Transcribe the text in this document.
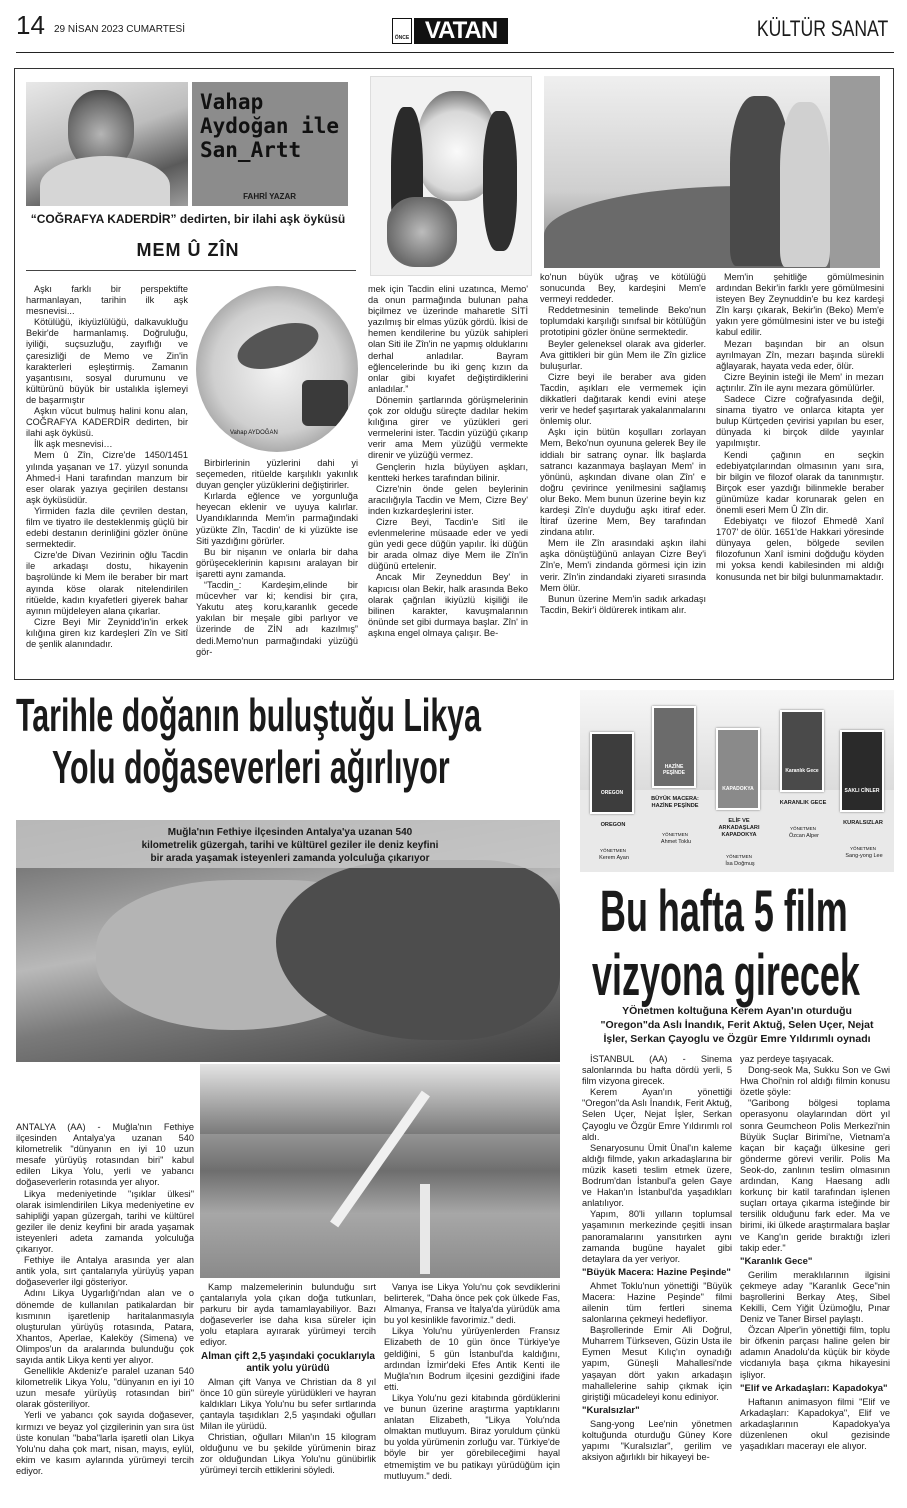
14 29 NİSAN 2023 CUMARTESİ
ÖNCE VATAN	KÜLTÜR SANAT
Vahap
Aydoğan ile
San_Artt
FAHRİ YAZAR
“COĞRAFYA KADERDİR” dedirten, bir ilahi aşk öyküsü
MEM Û ZÎN

Aşkı farklı bir perspektifte harmanlayan, tarihin ilk aşk mesnevisi...

Kötülüğü, ikiyüzlülüğü, dalkavukluğu Bekir'de harmanlamış. Doğruluğu, iyiliği, suçsuzluğu, zayıflığı ve çaresizliği de Memo ve Zin'in karakterleri eşleştirmiş. Zamanın yaşantısını, sosyal durumunu ve kültürünü büyük bir ustalıkla işlemeyi de başarmıştır

Aşkın vücut bulmuş halini konu alan, COĞRAFYA KADERDİR dedirten, bir ilahi aşk öyküsü.

İlk aşk mesnevisi…

Mem û Zîn, Cizre'de 1450/1451 yılında yaşanan ve 17. yüzyıl sonunda Ahmed-i Hani tarafından manzum bir eser olarak yazıya geçirilen destansı aşk öyküsüdür.

Yirmiden fazla dile çevrilen destan, film ve tiyatro ile desteklenmiş güçlü bir edebi destanın derinliğini gözler önüne sermektedir.

Cizre'de Divan Vezirinin oğlu Tacdin ile arkadaşı dostu, hikayenin başrolünde ki Mem ile beraber bir mart ayında köse olarak nitelendirilen ritüelde, kadın kıyafetleri giyerek bahar ayının müjdeleyen alana çıkarlar.

Cizre Beyi Mir Zeynidd'in'in erkek kılığına giren kız kardeşleri Zîn ve Sitî de şenlik alanındadır.

Vahap AYDOĞAN

Birbirlerinin yüzlerini dahi yi seçemeden, ritüelde karşılıklı yakınlık duyan gençler yüzüklerini değiştirirler.

Kırlarda eğlence ve yorgunluğa heyecan eklenir ve uyuya kalırlar. Uyandıklarında Mem'in parmağındaki yüzükte Zîn, Tacdin' de ki yüzükte ise Siti yazdığını görürler.

Bu bir nişanın ve onlarla bir daha görüşeceklerinin kapısını aralayan bir işaretti aynı zamanda.

“Tacdin_: Kardeşim,elinde bir mücevher var ki; kendisi bir çıra, Yakutu ateş koru,karanlık gecede yakılan bir meşale gibi parlıyor ve üzerinde de ZİN adı kazılmış” dedi.Memo'nun parmağındaki yüzüğü gör-

mek için Tacdin elini uzatınca, Memo' da onun parmağında bulunan paha biçilmez ve üzerinde maharetle SİTİ yazılmış bir elmas yüzük gördü. İkisi de hemen kendilerine bu yüzük sahipleri olan Siti ile Zîn'in ne yapmış olduklarını derhal anladılar. Bayram eğlencelerinde bu iki genç kızın da onlar gibi kıyafet değiştirdiklerini anladılar.”

Dönemin şartlarında görüşmelerinin çok zor olduğu süreçte dadılar hekim kılığına girer ve yüzükleri geri vermelerini ister. Tacdin yüzüğü çıkarıp verir ama Mem yüzüğü vermekte direnir ve yüzüğü vermez.

Gençlerin hızla büyüyen aşkları, kentteki herkes tarafından bilinir.

Cizre'nin önde gelen beylerinin aracılığıyla Tacdin ve Mem, Cizre Bey' inden kızkardeşlerini ister.

Cizre Beyi, Tacdin'e Sitî ile evlenmelerine müsaade eder ve yedi gün yedi gece düğün yapılır. İki düğün bir arada olmaz diye Mem ile Zîn'in düğünü ertelenir.

Ancak Mir Zeyneddun Bey' in kapıcısı olan Bekir, halk arasında Beko olarak çağrılan ikiyüzlü kişiliği ile bilinen karakter, kavuşmalarının önünde set gibi durmaya başlar. Zîn' in aşkına engel olmaya çalışır. Be-

ko'nun büyük uğraş ve kötülüğü sonucunda Bey, kardeşini Mem'e vermeyi reddeder.

Reddetmesinin temelinde Beko'nun toplumdaki karşılığı sınıfsal bir kötülüğün prototipini gözler önüne sermektedir.

Beyler geleneksel olarak ava giderler. Ava gittikleri bir gün Mem ile Zîn gizlice buluşurlar.

Cizre beyi ile beraber ava giden Tacdin, aşıkları ele vermemek için dikkatleri dağıtarak kendi evini ateşe verir ve hedef şaşırtarak yakalanmalarını önlemiş olur.

Aşkı için bütün koşulları zorlayan Mem, Beko'nun oyununa gelerek Bey ile iddialı bir satranç oynar. İlk başlarda satrancı kazanmaya başlayan Mem' in yönünü, aşkından divane olan Zîn' e doğru çevirince yenilmesini sağlamış olur Beko. Mem bunun üzerine beyin kız kardeşi Zîn'e duyduğu aşkı itiraf eder. İtiraf üzerine Mem, Bey tarafından zindana atılır.

Mem ile Zîn arasındaki aşkın ilahi aşka dönüştüğünü anlayan Cizre Bey'i Zîn'e, Mem'i zindanda görmesi için izin verir. Zîn'in zindandaki ziyareti sırasında Mem ölür.

Bunun üzerine Mem'in sadık arkadaşı Tacdin, Bekir'i öldürerek intikam alır.

Mem'in şehitliğe gömülmesinin ardından Bekir'in farklı yere gömülmesini isteyen Bey Zeynuddin'e bu kez kardeşi Zîn karşı çıkarak, Bekir'in (Beko) Mem'e yakın yere gömülmesini ister ve bu isteği kabul edilir.

Mezarı başından bir an olsun ayrılmayan Zîn, mezarı başında sürekli ağlayarak, hayata veda eder, ölür.

Cizre Beyinin isteği ile Mem' in mezarı açtırılır. Zîn ile aynı mezara gömülürler.

Sadece Cizre coğrafyasında değil, sinama tiyatro ve onlarca kitapta yer bulup Kürtçeden çevirisi yapılan bu eser, dünyada ki birçok dilde yayınlar yapılmıştır.

Kendi çağının en seçkin edebiyatçılarından olmasının yanı sıra, bir bilgin ve filozof olarak da tanınmıştır. Birçok eser yazdığı bilinmekle beraber günümüze kadar korunarak gelen en önemli eseri Mem Û Zîn dir.

Edebiyatçı ve filozof Ehmedê Xanî 1707' de ölür. 1651'de Hakkari yöresinde dünyaya gelen, bölgede sevilen filozofunun Xanî ismini doğduğu köyden mi yoksa kendi kabilesinden mi aldığı konusunda net bir bilgi bulunmamaktadır.

Tarihle doğanın buluştuğu Likya
Yolu doğaseverleri ağırlıyor
Muğla'nın Fethiye ilçesinden Antalya'ya uzanan 540
kilometrelik güzergah, tarihi ve kültürel geziler ile deniz keyfini
bir arada yaşamak isteyenleri zamanda yolculuğa çıkarıyor

ANTALYA (AA) - Muğla'nın Fethiye ilçesinden Antalya'ya uzanan 540 kilometrelik "dünyanın en iyi 10 uzun mesafe yürüyüş rotasından biri" kabul edilen Likya Yolu, yerli ve yabancı doğaseverlerin rotasında yer alıyor.

Likya medeniyetinde "ışıklar ülkesi" olarak isimlendirilen Likya medeniyetine ev sahipliği yapan güzergah, tarihi ve kültürel geziler ile deniz keyfini bir arada yaşamak isteyenleri adeta zamanda yolculuğa çıkarıyor.

Fethiye ile Antalya arasında yer alan antik yola, sırt çantalarıyla yürüyüş yapan doğaseverler ilgi gösteriyor.

Adını Likya Uygarlığı'ndan alan ve o dönemde de kullanılan patikalardan bir kısmının işaretlenip haritalanmasıyla oluşturulan yürüyüş rotasında, Patara, Xhantos, Aperlae, Kaleköy (Simena) ve Olimpos'un da aralarında bulunduğu çok sayıda antik Likya kenti yer alıyor.

Genellikle Akdeniz'e paralel uzanan 540 kilometrelik Likya Yolu, "dünyanın en iyi 10 uzun mesafe yürüyüş rotasından biri" olarak gösteriliyor.

Yerli ve yabancı çok sayıda doğasever, kırmızı ve beyaz yol çizgilerinin yan sıra üst üste konulan "baba"larla işaretli olan Likya Yolu'nu daha çok mart, nisan, mayıs, eylül, ekim ve kasım aylarında yürümeyi tercih ediyor.

Kamp malzemelerinin bulunduğu sırt çantalarıyla yola çıkan doğa tutkunları, parkuru bir ayda tamamlayabiliyor. Bazı doğaseverler ise daha kısa süreler için yolu etaplara ayırarak yürümeyi tercih ediyor.

Alman çift 2,5 yaşındaki çocuklarıyla antik yolu yürüdü

Alman çift Vanya ve Christian da 8 yıl önce 10 gün süreyle yürüdükleri ve hayran kaldıkları Likya Yolu'nu bu sefer sırtlarında çantayla taşıdıkları 2,5 yaşındaki oğulları Milan ile yürüdü.

Christian, oğulları Milan'ın 15 kilogram olduğunu ve bu şekilde yürümenin biraz zor olduğundan Likya Yolu'nu günübirlik yürümeyi tercih ettiklerini söyledi.

Vanya ise Likya Yolu'nu çok sevdiklerini belirterek, "Daha önce pek çok ülkede Fas, Almanya, Fransa ve İtalya'da yürüdük ama bu yol kesinlikle favorimiz." dedi.

Likya Yolu'nu yürüyenlerden Fransız Elizabeth de 10 gün önce Türkiye'ye geldiğini, 5 gün İstanbul'da kaldığını, ardından İzmir'deki Efes Antik Kenti ile Muğla'nın Bodrum ilçesini gezdiğini ifade etti.

Likya Yolu'nu gezi kitabında gördüklerini ve bunun üzerine araştırma yaptıklarını anlatan Elizabeth, "Likya Yolu'nda olmaktan mutluyum. Biraz yoruldum çünkü bu yolda yürümenin zorluğu var. Türkiye'de böyle bir yer görebileceğimi hayal etmemiştim ve bu patikayı yürüdüğüm için mutluyum." dedi.

OREGON
OREGON
YÖNETMEN
Kerem Ayan
HAZİNE PEŞİNDE
BÜYÜK MACERA: HAZİNE PEŞİNDE
YÖNETMEN
Ahmet Toklu
KAPADOKYA
ELİF VE ARKADAŞLARI KAPADOKYA
YÖNETMEN
İsa Doğmuş
Karanlık Gece
KARANLIK GECE
YÖNETMEN
Özcan Alper
SAKLI CİNLER
KURALSIZLAR
YÖNETMEN
Sang-yong Lee
Bu hafta 5 film
vizyona girecek
YÖnetmen koltuğuna Kerem Ayan'ın oturduğu
"Oregon"da Aslı İnandık, Ferit Aktuğ, Selen Uçer, Nejat
İşler, Serkan Çayoglu ve Özgür Emre Yıldırımlı oynadı

İSTANBUL (AA) - Sinema salonlarında bu hafta dördü yerli, 5 film vizyona girecek.

Kerem Ayan'ın yönettiği "Oregon"da Aslı İnandık, Ferit Aktuğ, Selen Uçer, Nejat İşler, Serkan Çayoglu ve Özgür Emre Yıldırımlı rol aldı.

Senaryosunu Ümit Ünal'ın kaleme aldığı filmde, yakın arkadaşlarına bir müzik kaseti teslim etmek üzere, Bodrum'dan İstanbul'a gelen Gaye ve Hakan'ın İstanbul'da yaşadıkları anlatılıyor.

Yapım, 80'li yılların toplumsal yaşamının merkezinde çeşitli insan panoramalarını yansıtırken aynı zamanda bugüne hayalet gibi detaylara da yer veriyor.

"Büyük Macera: Hazine Peşinde"

Ahmet Toklu'nun yönettiği "Büyük Macera: Hazine Peşinde" filmi ailenin tüm fertleri sinema salonlarına çekmeyi hedefliyor.

Başrollerinde Emir Ali Doğrul, Muharrem Türkseven, Güzin Usta ile Eymen Mesut Kılıç'ın oynadığı yapım, Güneşli Mahallesi'nde yaşayan dört yakın arkadaşın mahallelerine sahip çıkmak için giriştiği mücadeleyi konu ediniyor.

"Kuralsızlar"

Sang-yong Lee'nin yönetmen koltuğunda oturduğu Güney Kore yapımı "Kuralsızlar", gerilim ve aksiyon ağırlıklı bir hikayeyi be-

yaz perdeye taşıyacak.

Dong-seok Ma, Sukku Son ve Gwi Hwa Choi'nin rol aldığı filmin konusu özetle şöyle:

"Garibong bölgesi toplama operasyonu olaylarından dört yıl sonra Geumcheon Polis Merkezi'nin Büyük Suçlar Birimi'ne, Vietnam'a kaçan bir kaçağı ülkesine geri gönderme görevi verilir. Polis Ma Seok-do, zanlının teslim olmasının ardından, Kang Haesang adlı korkunç bir katil tarafından işlenen suçları ortaya çıkarma isteğinde bir tersilik olduğunu fark eder. Ma ve birimi, iki ülkede araştırmalara başlar ve Kang'ın geride bıraktığı izleri takip eder."

"Karanlık Gece"

Gerilim meraklılarının ilgisini çekmeye aday "Karanlık Gece"nin başrollerini Berkay Ateş, Sibel Kekilli, Cem Yiğit Üzümoğlu, Pınar Deniz ve Taner Birsel paylaştı.

Özcan Alper'in yönettiği film, toplu bir öfkenin parçası haline gelen bir adamın Anadolu'da küçük bir köyde vicdanıyla başa çıkma hikayesini işliyor.

"Elif ve Arkadaşları: Kapadokya"

Haftanın animasyon filmi "Elif ve Arkadaşları: Kapadokya", Elif ve arkadaşlarının Kapadokya'ya düzenlenen okul gezisinde yaşadıkları macerayı ele alıyor.
